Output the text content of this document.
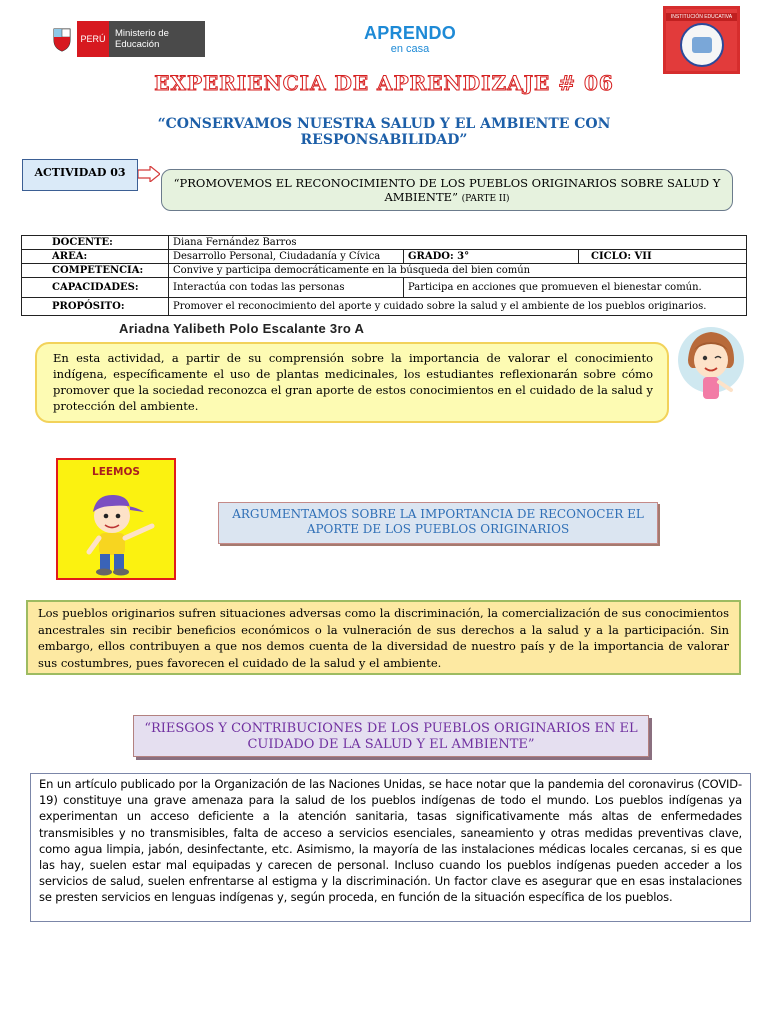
PERÚ	Ministerio de Educación
APRENDO
en casa
INSTITUCIÓN EDUCATIVA
EXPERIENCIA DE APRENDIZAJE # 06
“CONSERVAMOS NUESTRA SALUD Y EL AMBIENTE CON RESPONSABILIDAD”
ACTIVIDAD 03
“PROMOVEMOS EL RECONOCIMIENTO DE LOS PUEBLOS ORIGINARIOS SOBRE SALUD Y AMBIENTE” (PARTE II)
DOCENTE:	Diana Fernández Barros		
AREA:	Desarrollo Personal, Ciudadanía y Cívica	GRADO: 3°	CICLO: VII
COMPETENCIA:	Convive y participa democráticamente en la búsqueda del bien común		
CAPACIDADES:	Interactúa con todas las personas	Participa en acciones que promueven el bienestar común.	
PROPÓSITO:	Promover el reconocimiento del aporte y cuidado sobre la salud y el ambiente de los pueblos originarios.		
Ariadna Yalibeth Polo Escalante 3ro A
En esta actividad, a partir de su comprensión sobre la importancia de valorar el conocimiento indígena, específicamente el uso de plantas medicinales, los estudiantes reflexionarán sobre cómo promover que la sociedad reconozca el gran aporte de estos conocimientos en el cuidado de la salud y protección del ambiente.
LEEMOS
ARGUMENTAMOS SOBRE LA IMPORTANCIA DE RECONOCER EL APORTE DE LOS PUEBLOS ORIGINARIOS
Los pueblos originarios sufren situaciones adversas como la discriminación, la comercialización de sus conocimientos ancestrales sin recibir beneficios económicos o la vulneración de sus derechos a la salud y a la participación. Sin embargo, ellos contribuyen a que nos demos cuenta de la diversidad de nuestro país y de la importancia de valorar sus costumbres, pues favorecen el cuidado de la salud y el ambiente.
“RIESGOS Y CONTRIBUCIONES DE LOS PUEBLOS ORIGINARIOS EN EL CUIDADO DE LA SALUD Y EL AMBIENTE”
En un artículo publicado por la Organización de las Naciones Unidas, se hace notar que la pandemia del coronavirus (COVID-19) constituye una grave amenaza para la salud de los pueblos indígenas de todo el mundo. Los pueblos indígenas ya experimentan un acceso deficiente a la atención sanitaria, tasas significativamente más altas de enfermedades transmisibles y no transmisibles, falta de acceso a servicios esenciales, saneamiento y otras medidas preventivas clave, como agua limpia, jabón, desinfectante, etc. Asimismo, la mayoría de las instalaciones médicas locales cercanas, si es que las hay, suelen estar mal equipadas y carecen de personal. Incluso cuando los pueblos indígenas pueden acceder a los servicios de salud, suelen enfrentarse al estigma y la discriminación. Un factor clave es asegurar que en esas instalaciones se presten servicios en lenguas indígenas y, según proceda, en función de la situación específica de los pueblos.
